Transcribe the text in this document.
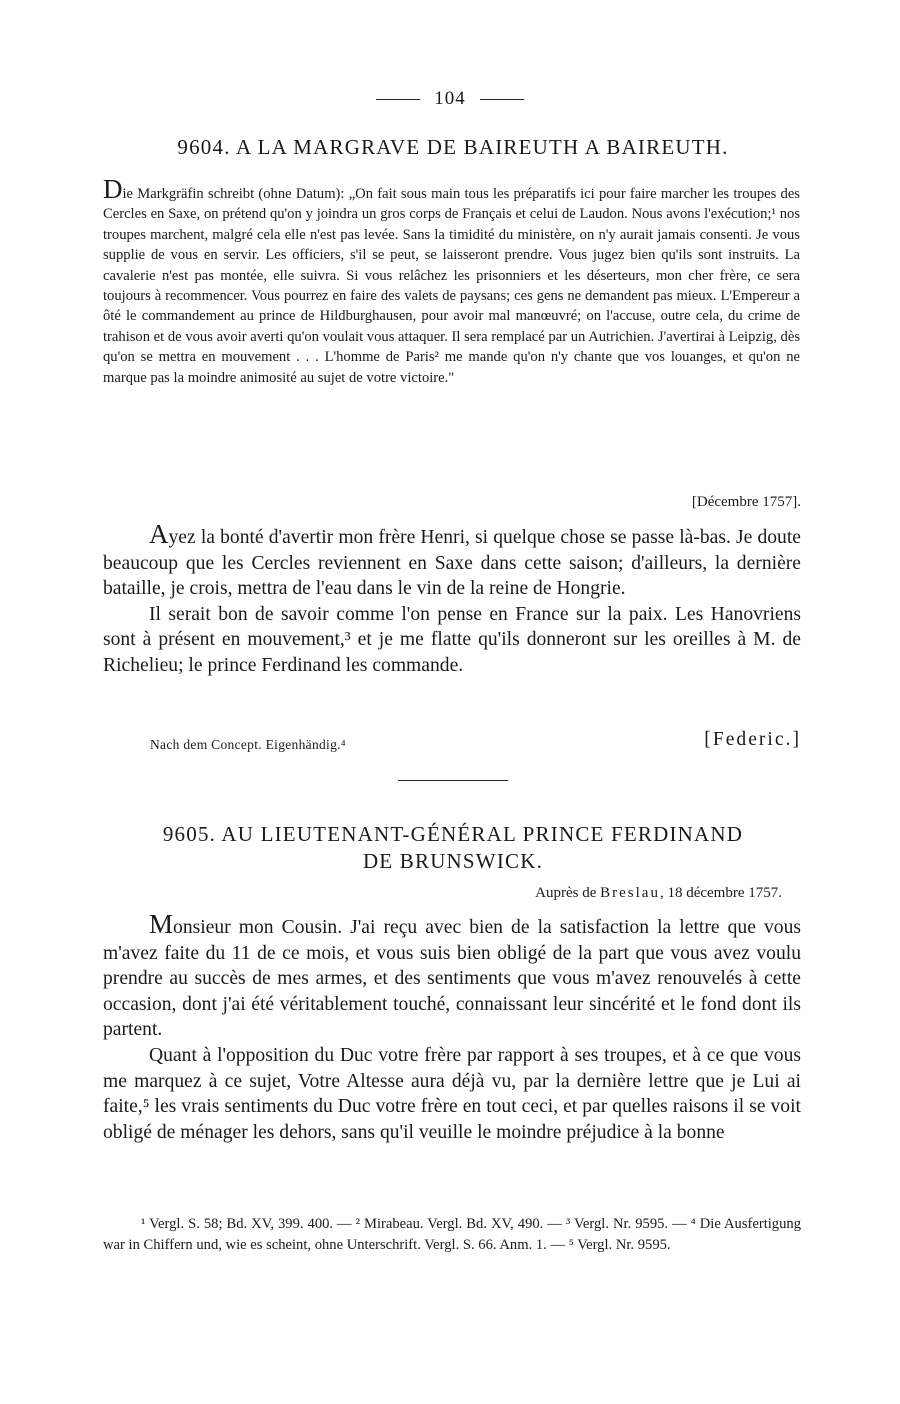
104
9604. A LA MARGRAVE DE BAIREUTH A BAIREUTH.

Die Markgräfin schreibt (ohne Datum): „On fait sous main tous les préparatifs ici pour faire marcher les troupes des Cercles en Saxe, on prétend qu'on y joindra un gros corps de Français et celui de Laudon. Nous avons l'exécution;¹ nos troupes marchent, malgré cela elle n'est pas levée. Sans la timidité du ministère, on n'y aurait jamais consenti. Je vous supplie de vous en servir. Les officiers, s'il se peut, se laisseront prendre. Vous jugez bien qu'ils sont instruits. La cavalerie n'est pas montée, elle suivra. Si vous relâchez les prisonniers et les déserteurs, mon cher frère, ce sera toujours à recommencer. Vous pourrez en faire des valets de paysans; ces gens ne demandent pas mieux. L'Empereur a ôté le commandement au prince de Hildburghausen, pour avoir mal manœuvré; on l'accuse, outre cela, du crime de trahison et de vous avoir averti qu'on voulait vous attaquer. Il sera remplacé par un Autrichien. J'avertirai à Leipzig, dès qu'on se mettra en mouvement . . . L'homme de Paris² me mande qu'on n'y chante que vos louanges, et qu'on ne marque pas la moindre animosité au sujet de votre victoire."

[Décembre 1757].

Ayez la bonté d'avertir mon frère Henri, si quelque chose se passe là-bas. Je doute beaucoup que les Cercles reviennent en Saxe dans cette saison; d'ailleurs, la dernière bataille, je crois, mettra de l'eau dans le vin de la reine de Hongrie.

Il serait bon de savoir comme l'on pense en France sur la paix. Les Hanovriens sont à présent en mouvement,³ et je me flatte qu'ils donneront sur les oreilles à M. de Richelieu; le prince Ferdinand les commande.

Nach dem Concept. Eigenhändig.⁴	[Federic.]
9605. AU LIEUTENANT-GÉNÉRAL PRINCE FERDINAND
DE BRUNSWICK.
Auprès de Breslau, 18 décembre 1757.

Monsieur mon Cousin. J'ai reçu avec bien de la satisfaction la lettre que vous m'avez faite du 11 de ce mois, et vous suis bien obligé de la part que vous avez voulu prendre au succès de mes armes, et des sentiments que vous m'avez renouvelés à cette occasion, dont j'ai été véritablement touché, connaissant leur sincérité et le fond dont ils partent.

Quant à l'opposition du Duc votre frère par rapport à ses troupes, et à ce que vous me marquez à ce sujet, Votre Altesse aura déjà vu, par la dernière lettre que je Lui ai faite,⁵ les vrais sentiments du Duc votre frère en tout ceci, et par quelles raisons il se voit obligé de ménager les dehors, sans qu'il veuille le moindre préjudice à la bonne

¹ Vergl. S. 58; Bd. XV, 399. 400. — ² Mirabeau. Vergl. Bd. XV, 490. — ³ Vergl. Nr. 9595. — ⁴ Die Ausfertigung war in Chiffern und, wie es scheint, ohne Unterschrift. Vergl. S. 66. Anm. 1. — ⁵ Vergl. Nr. 9595.
